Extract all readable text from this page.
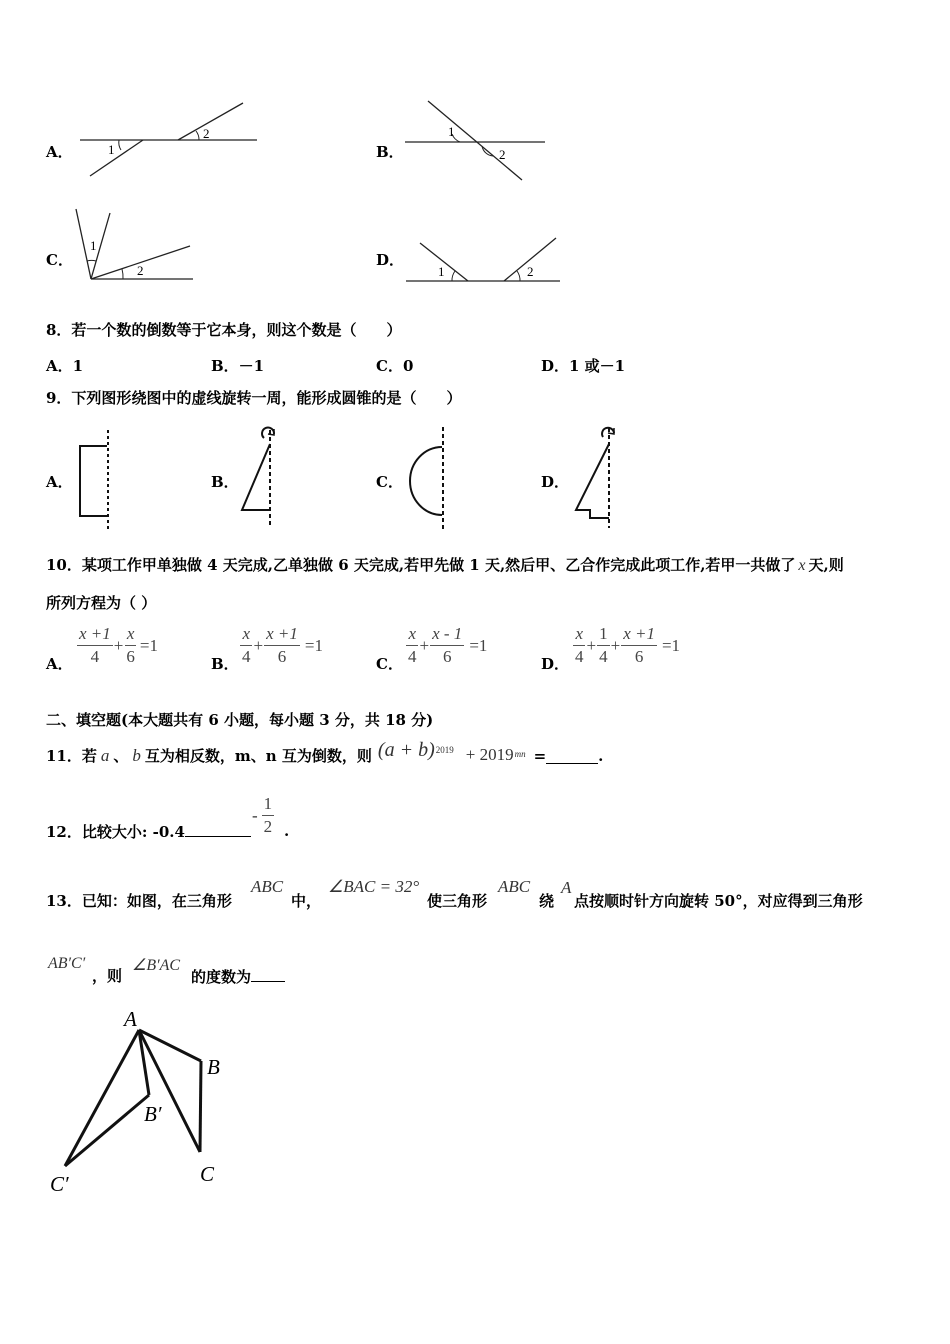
A．	1
2
B．
1
2
C．
1
2
D．
1	2
8．若一个数的倒数等于它本身，则这个数是（　　）
A．1	B．－1	C．0	D．1 或－1
9．下列图形绕图中的虚线旋转一周，能形成圆锥的是（　　）
A．	B．	C．	D．
10．某项工作甲单独做 4 天完成,乙单独做 6 天完成,若甲先做 1 天,然后甲、乙合作完成此项工作,若甲一共做了 x 天,则
所列方程为（ ）
A． $\frac{x +1}{4} + \frac{x}{6} =1$
B． $\frac{x}{4} + \frac{x +1}{6} =1$
C． $\frac{x}{4} + \frac{x - 1}{6} =1$
D． $\frac{x}{4} + \frac{1}{4} + \frac{x +1}{6} =1$
二、填空题(本大题共有 6 小题，每小题 3 分，共 18 分)
11．若 a 、 b 互为相反数，m、n 互为倒数，则 (a + b) 2019 + 2019 mn =	.
12．比较大小: -0.4
- $\frac{1}{2}$ .
13．已知：如图，在三角形
ABC
中，
∠BAC = 32°
使三角形
ABC
绕
A
点按顺时针方向旋转 50°，对应得到三角形
AB′C′
，则
∠B′AC
的度数为
A
B
B′
C
C′
